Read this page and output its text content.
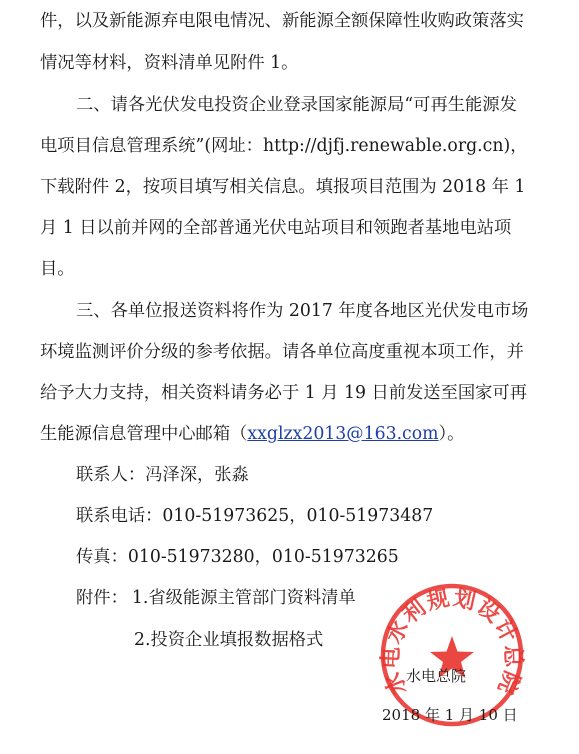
件，以及新能源弃电限电情况、新能源全额保障性收购政策落实
情况等材料，资料清单见附件 1。
二、请各光伏发电投资企业登录国家能源局“可再生能源发
电项目信息管理系统”(网址：http://djfj.renewable.org.cn)，
下载附件 2，按项目填写相关信息。填报项目范围为 2018 年 1
月 1 日以前并网的全部普通光伏电站项目和领跑者基地电站项
目。
三、各单位报送资料将作为 2017 年度各地区光伏发电市场
环境监测评价分级的参考依据。请各单位高度重视本项工作，并
给予大力支持，相关资料请务必于 1 月 19 日前发送至国家可再
生能源信息管理中心邮箱（xxglzx2013@163.com）。
联系人：冯泽深，张淼
联系电话：010-51973625，010-51973487
传真：010-51973280，010-51973265
附件： 1.省级能源主管部门资料清单
2.投资企业填报数据格式
水电水利规划设计总院
水电总院
2018 年 1 月 10 日
